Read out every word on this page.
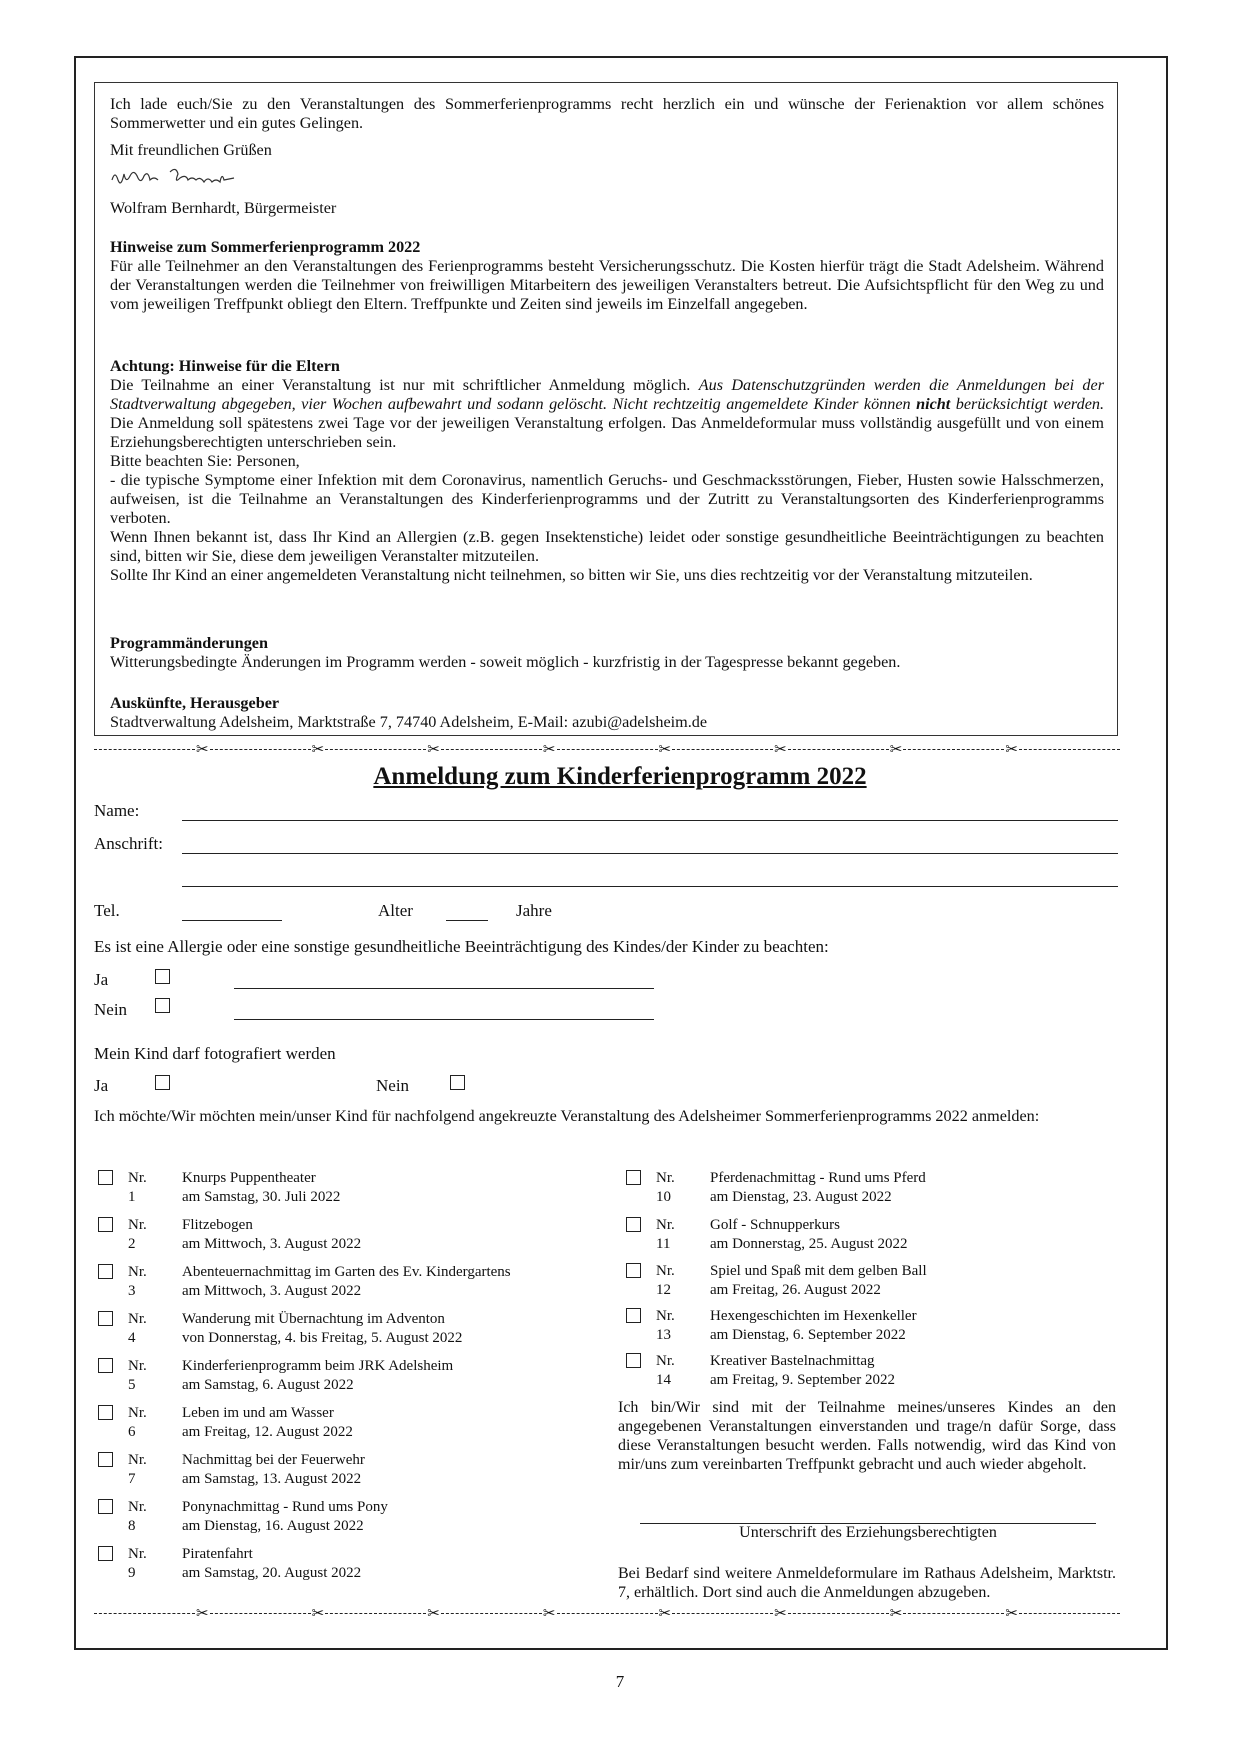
Ich lade euch/Sie zu den Veranstaltungen des Sommerferienprogramms recht herzlich ein und wünsche der Ferienaktion vor allem schönes Sommerwetter und ein gutes Gelingen.

Mit freundlichen Grüßen

Wolfram Bernhardt, Bürgermeister

Hinweise zum Sommerferienprogramm 2022

Für alle Teilnehmer an den Veranstaltungen des Ferienprogramms besteht Versicherungsschutz. Die Kosten hierfür trägt die Stadt Adelsheim. Während der Veranstaltungen werden die Teilnehmer von freiwilligen Mitarbeitern des jeweiligen Veranstalters betreut. Die Aufsichtspflicht für den Weg zu und vom jeweiligen Treffpunkt obliegt den Eltern. Treffpunkte und Zeiten sind jeweils im Einzelfall angegeben.

Achtung: Hinweise für die Eltern

Die Teilnahme an einer Veranstaltung ist nur mit schriftlicher Anmeldung möglich. Aus Datenschutzgründen werden die Anmeldungen bei der Stadtverwaltung abgegeben, vier Wochen aufbewahrt und sodann gelöscht. Nicht rechtzeitig angemeldete Kinder können nicht berücksichtigt werden. Die Anmeldung soll spätestens zwei Tage vor der jeweiligen Veranstaltung erfolgen. Das Anmeldeformular muss vollständig ausgefüllt und von einem Erziehungsberechtigten unterschrieben sein.

Bitte beachten Sie: Personen,

- die typische Symptome einer Infektion mit dem Coronavirus, namentlich Geruchs- und Geschmacksstörungen, Fieber, Husten sowie Halsschmerzen, aufweisen, ist die Teilnahme an Veranstaltungen des Kinderferienprogramms und der Zutritt zu Veranstaltungsorten des Kinderferienprogramms verboten.

Wenn Ihnen bekannt ist, dass Ihr Kind an Allergien (z.B. gegen Insektenstiche) leidet oder sonstige gesundheitliche Beeinträchtigungen zu beachten sind, bitten wir Sie, diese dem jeweiligen Veranstalter mitzuteilen.

Sollte Ihr Kind an einer angemeldeten Veranstaltung nicht teilnehmen, so bitten wir Sie, uns dies rechtzeitig vor der Veranstaltung mitzuteilen.

Programmänderungen

Witterungsbedingte Änderungen im Programm werden - soweit möglich - kurzfristig in der Tagespresse bekannt gegeben.

Auskünfte, Herausgeber

Stadtverwaltung Adelsheim, Marktstraße 7, 74740 Adelsheim, E-Mail: azubi@adelsheim.de

✂	✂	✂	✂	✂	✂	✂	✂
Anmeldung zum Kinderferienprogramm 2022
Name:
Anschrift:
Tel.	Alter	Jahre
Es ist eine Allergie oder eine sonstige gesundheitliche Beeinträchtigung des Kindes/der Kinder zu beachten:
Ja
Nein
Mein Kind darf fotografiert werden
Ja	Nein
Ich möchte/Wir möchten mein/unser Kind für nachfolgend angekreuzte Veranstaltung des Adelsheimer Sommerferienprogramms 2022 anmelden:
Nr. 1
Knurps Puppentheater
am Samstag, 30. Juli 2022
Nr. 2
Flitzebogen
am Mittwoch, 3. August 2022
Nr. 3
Abenteuernachmittag im Garten des Ev. Kindergartens
am Mittwoch, 3. August 2022
Nr. 4
Wanderung mit Übernachtung im Adventon
von Donnerstag, 4. bis Freitag, 5. August 2022
Nr. 5
Kinderferienprogramm beim JRK Adelsheim
am Samstag, 6. August 2022
Nr. 6
Leben im und am Wasser
am Freitag, 12. August 2022
Nr. 7
Nachmittag bei der Feuerwehr
am Samstag, 13. August 2022
Nr. 8
Ponynachmittag - Rund ums Pony
am Dienstag, 16. August 2022
Nr. 9
Piratenfahrt
am Samstag, 20. August 2022
Nr. 10
Pferdenachmittag - Rund ums Pferd
am Dienstag, 23. August 2022
Nr. 11
Golf - Schnupperkurs
am Donnerstag, 25. August 2022
Nr. 12
Spiel und Spaß mit dem gelben Ball
am Freitag, 26. August 2022
Nr. 13
Hexengeschichten im Hexenkeller
am Dienstag, 6. September 2022
Nr. 14
Kreativer Bastelnachmittag
am Freitag, 9. September 2022
Ich bin/Wir sind mit der Teilnahme meines/unseres Kindes an den angegebenen Veranstaltungen einverstanden und trage/n dafür Sorge, dass diese Veranstaltungen besucht werden. Falls notwendig, wird das Kind von mir/uns zum vereinbarten Treffpunkt gebracht und auch wieder abgeholt.
Unterschrift des Erziehungsberechtigten
Bei Bedarf sind weitere Anmeldeformulare im Rathaus Adelsheim, Marktstr. 7, erhältlich. Dort sind auch die Anmeldungen abzugeben.
✂	✂	✂	✂	✂	✂	✂	✂
7
